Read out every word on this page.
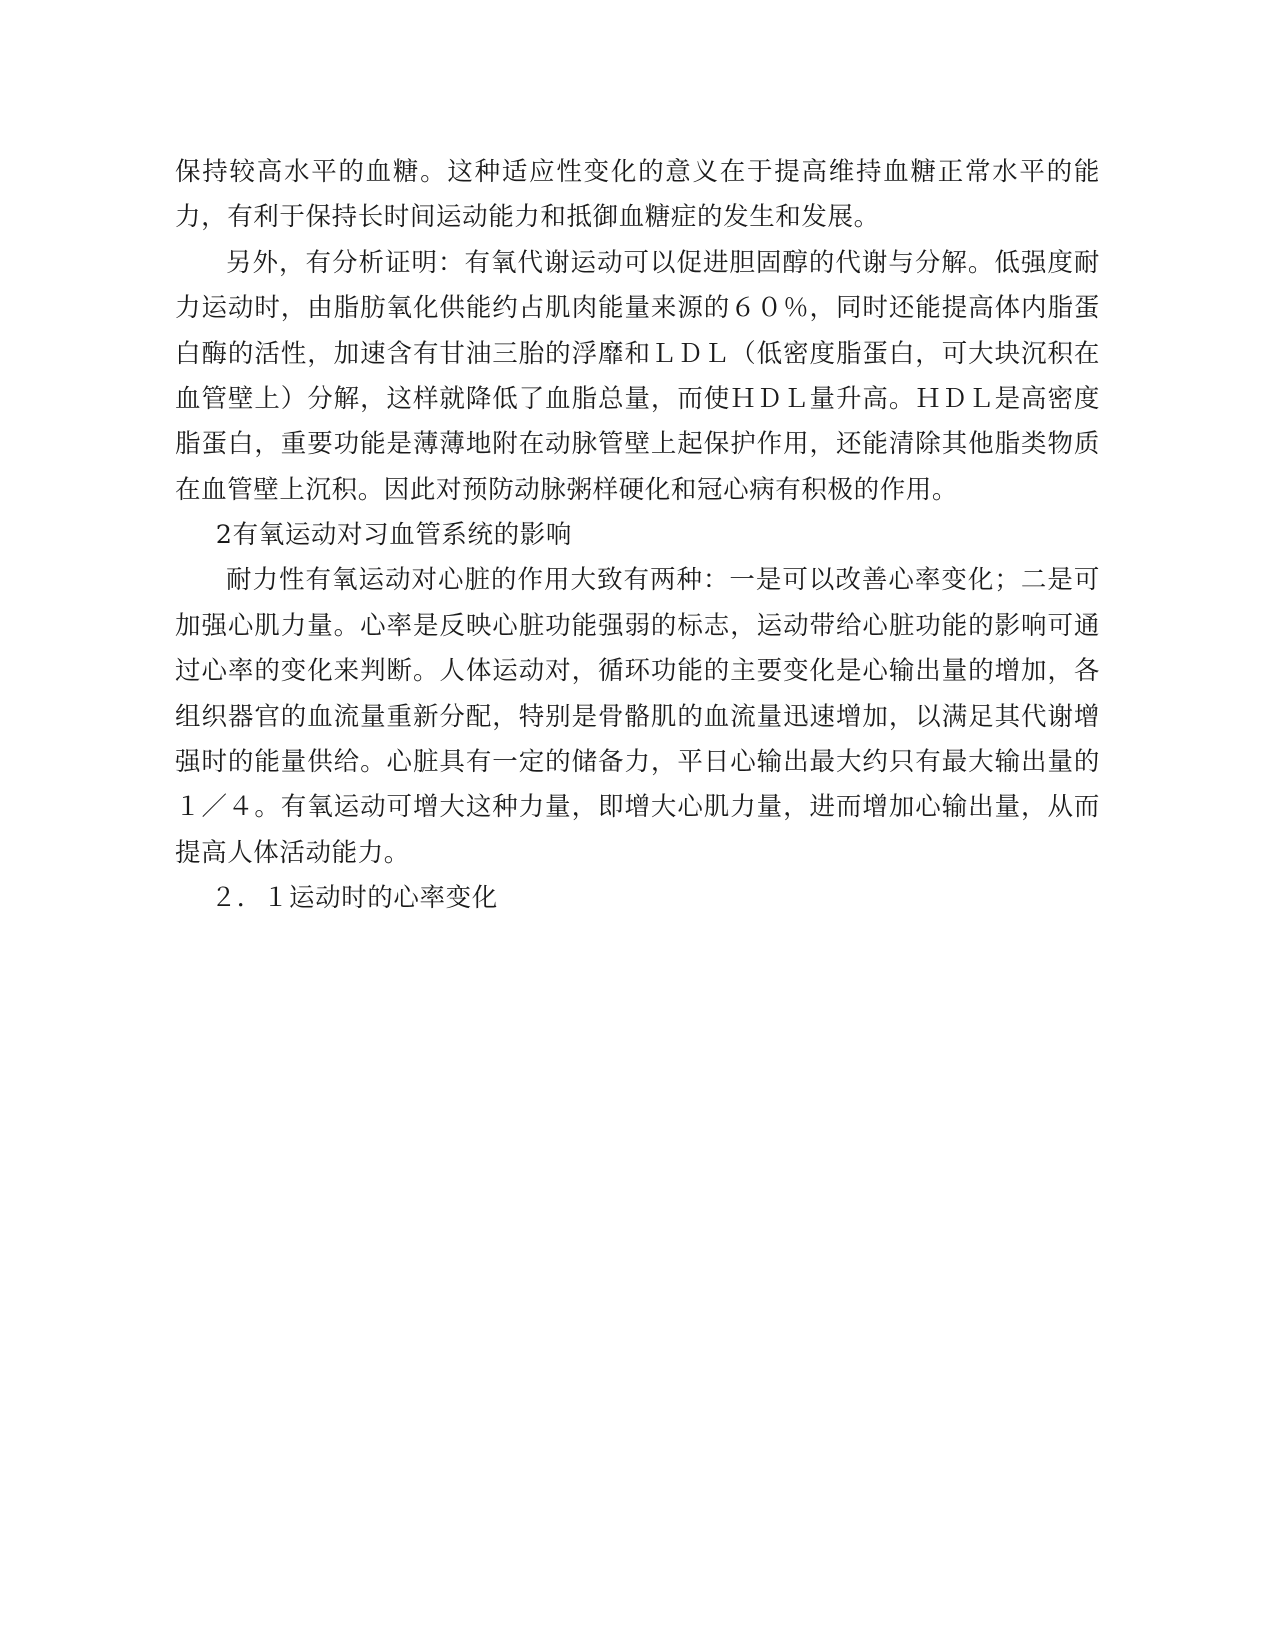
保持较高水平的血糖。这种适应性变化的意义在于提高维持血糖正常水平的能力，有利于保持长时间运动能力和抵御血糖症的发生和发展。

另外，有分析证明：有氧代谢运动可以促进胆固醇的代谢与分解。低强度耐力运动时，由脂肪氧化供能约占肌肉能量来源的６０％，同时还能提高体内脂蛋白酶的活性，加速含有甘油三胎的浮靡和ＬＤＬ（低密度脂蛋白，可大块沉积在血管壁上）分解，这样就降低了血脂总量，而使ＨＤＬ量升高。ＨＤＬ是高密度脂蛋白，重要功能是薄薄地附在动脉管壁上起保护作用，还能清除其他脂类物质在血管壁上沉积。因此对预防动脉粥样硬化和冠心病有积极的作用。

2有氧运动对习血管系统的影响

耐力性有氧运动对心脏的作用大致有两种：一是可以改善心率变化；二是可加强心肌力量。心率是反映心脏功能强弱的标志，运动带给心脏功能的影响可通过心率的变化来判断。人体运动对，循环功能的主要变化是心输出量的增加，各组织器官的血流量重新分配，特别是骨骼肌的血流量迅速增加，以满足其代谢增强时的能量供给。心脏具有一定的储备力，平日心输出最大约只有最大输出量的１／４。有氧运动可增大这种力量，即增大心肌力量，进而增加心输出量，从而提高人体活动能力。

２．１运动时的心率变化
